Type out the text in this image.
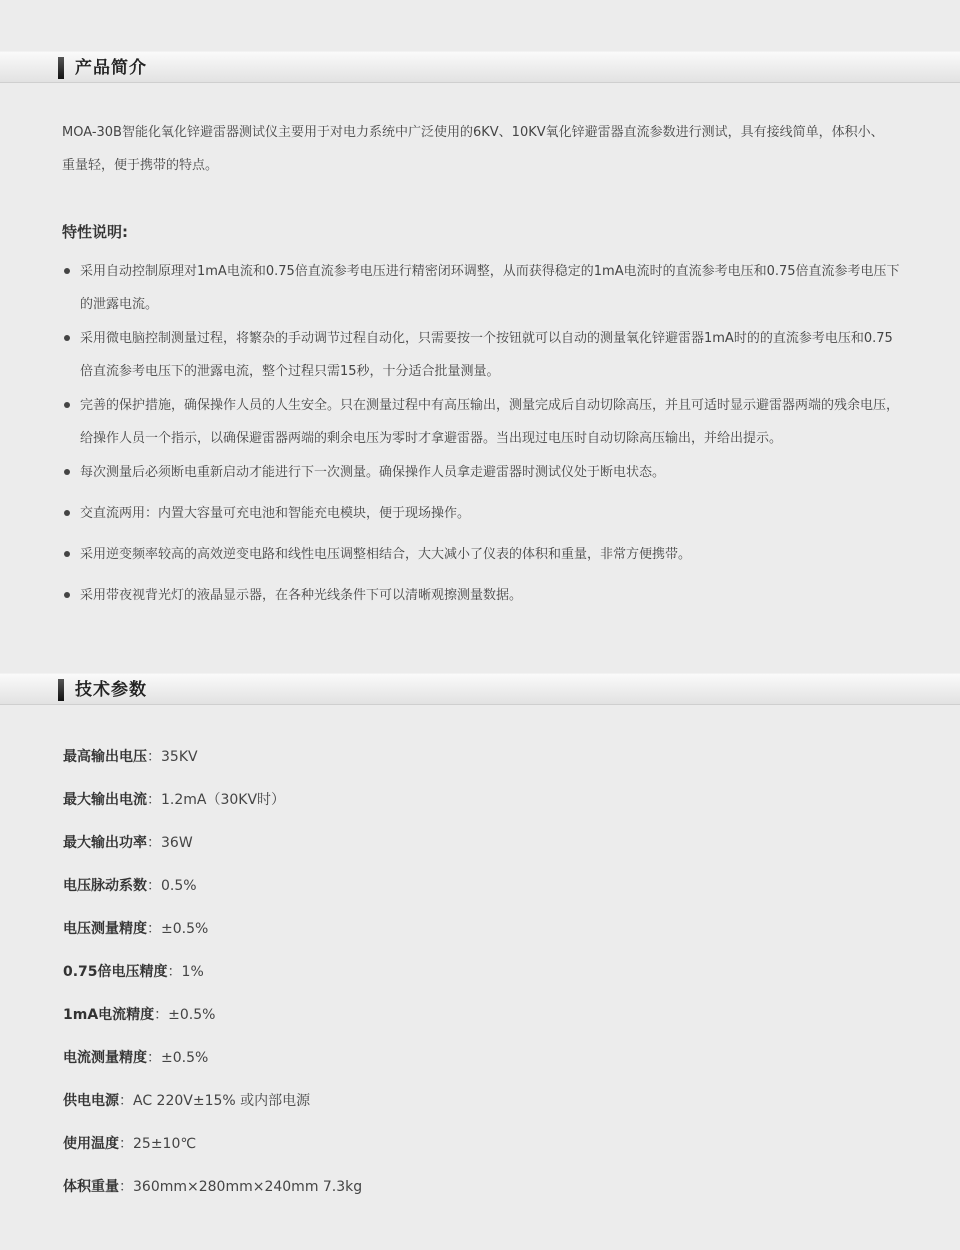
产品简介
MOA-30B智能化氧化锌避雷器测试仪主要用于对电力系统中广泛使用的6KV、10KV氧化锌避雷器直流参数进行测试，具有接线简单，体积小、重量轻，便于携带的特点。
特性说明:
采用自动控制原理对1mA电流和0.75倍直流参考电压进行精密闭环调整，从而获得稳定的1mA电流时的直流参考电压和0.75倍直流参考电压下的泄露电流。
采用微电脑控制测量过程，将繁杂的手动调节过程自动化，只需要按一个按钮就可以自动的测量氧化锌避雷器1mA时的的直流参考电压和0.75倍直流参考电压下的泄露电流，整个过程只需15秒，十分适合批量测量。
完善的保护措施，确保操作人员的人生安全。只在测量过程中有高压输出，测量完成后自动切除高压，并且可适时显示避雷器两端的残余电压，给操作人员一个指示，以确保避雷器两端的剩余电压为零时才拿避雷器。当出现过电压时自动切除高压输出，并给出提示。
每次测量后必须断电重新启动才能进行下一次测量。确保操作人员拿走避雷器时测试仪处于断电状态。
交直流两用：内置大容量可充电池和智能充电模块，便于现场操作。
采用逆变频率较高的高效逆变电路和线性电压调整相结合，大大减小了仪表的体积和重量，非常方便携带。
采用带夜视背光灯的液晶显示器，在各种光线条件下可以清晰观擦测量数据。
技术参数
最高输出电压：35KV
最大输出电流：1.2mA（30KV时）
最大输出功率：36W
电压脉动系数：0.5%
电压测量精度：±0.5%
0.75倍电压精度：1%
1mA电流精度：±0.5%
电流测量精度：±0.5%
供电电源：AC 220V±15% 或内部电源
使用温度：25±10℃
体积重量：360mm×280mm×240mm 7.3kg
